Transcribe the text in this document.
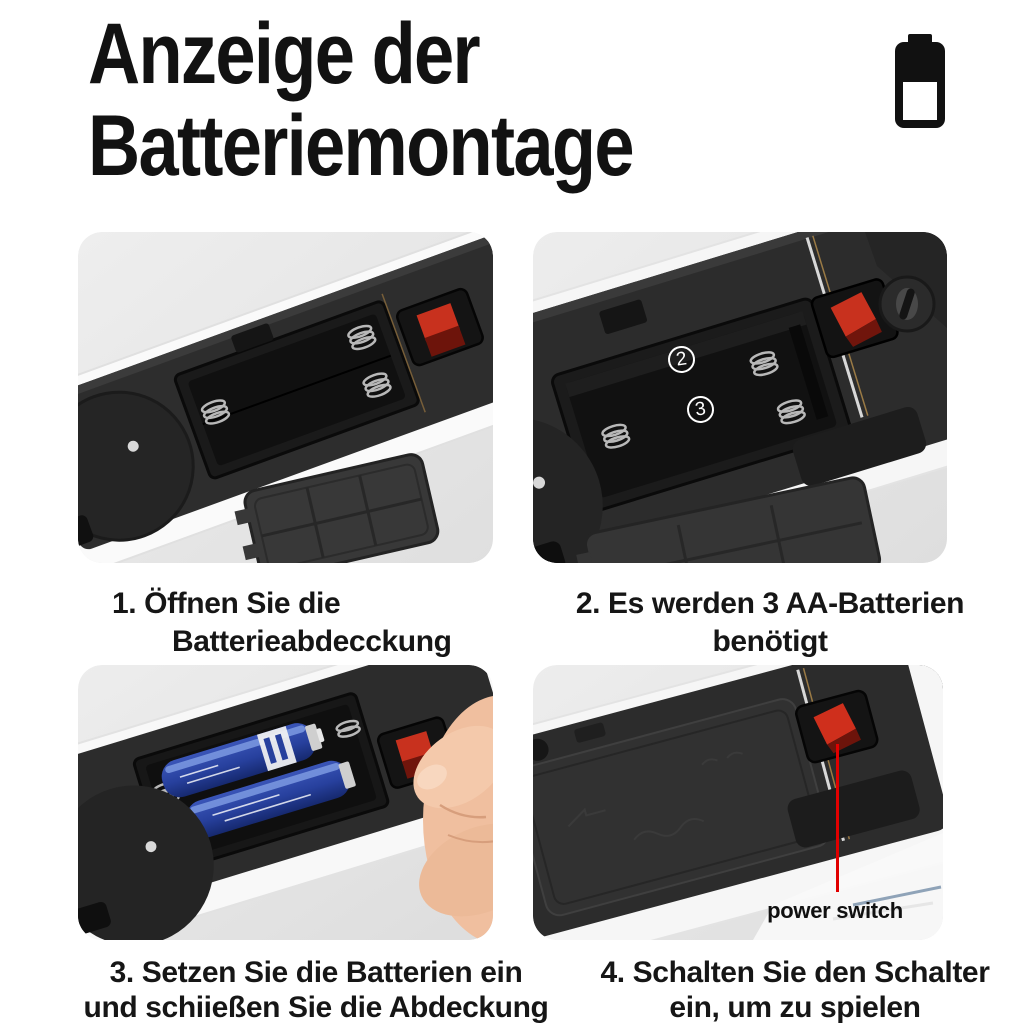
Anzeige der
Batteriemontage
2
3
power switch
1. Öffnen Sie die
Batterieabdecckung
2. Es werden 3 AA-Batterien
benötigt
3. Setzen Sie die Batterien ein
und schiießen Sie die Abdeckung
4. Schalten Sie den Schalter
ein, um zu spielen
